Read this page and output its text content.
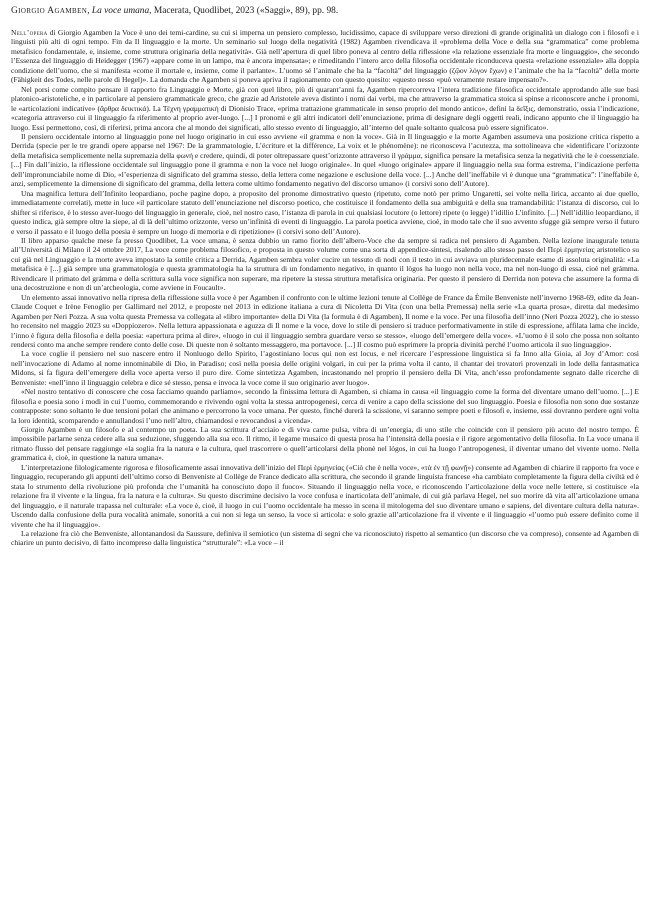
Giorgio Agamben, La voce umana, Macerata, Quodlibet, 2023 («Saggi», 89), pp. 98.

Nell’opera di Giorgio Agamben la Voce è uno dei temi-cardine, su cui si imperna un pensiero complesso, lucidissimo, capace di sviluppare verso direzioni di grande originalità un dialogo con i filosofi e i linguisti più alti di ogni tempo. Fin da Il linguaggio e la morte. Un seminario sul luogo della negatività (1982) Agamben rivendicava il «problema della Voce e della sua “grammatica” come problema metafisico fondamentale, e, insieme, come struttura originaria della negatività». Già nell’apertura di quel libro poneva al centro della riflessione «la relazione essenziale fra morte e linguaggio», che secondo l’Essenza del linguaggio di Heidegger (1967) «appare come in un lampo, ma è ancora impensata»; e rimeditando l’intero arco della filosofia occidentale riconduceva questa «relazione essenziale» alla doppia condizione dell’uomo, che si manifesta «come il mortale e, insieme, come il parlante». L’uomo sé l’animale che ha la “facoltà” del linguaggio (ζῷον λόγον ἔχων) e l’animale che ha la “facoltà” della morte (Fähigkeit des Todes, nelle parole di Hegel)». La domanda che Agamben si poneva apriva il ragionamento con questo quesito: «questo nesso «può veramente restare impensato?».

Nel porsi come compito pensare il rapporto fra Linguaggio e Morte, già con quel libro, più di quarant’anni fa, Agamben ripercorreva l’intera tradizione filosofica occidentale approdando alle sue basi platonico-aristoteliche, e in particolare al pensiero grammaticale greco, che grazie ad Aristotele aveva distinto i nomi dai verbi, ma che attraverso la grammatica stoica si spinse a riconoscere anche i pronomi, le «articolazioni indicative» (ἄρθρα δεικτικά). La Τέχνη γραμματική di Dionisio Trace, «prima trattazione grammaticale in senso proprio del mondo antico», definì la δεῖξις, demonstratio, ossia l’indicazione, «categoria attraverso cui il linguaggio fa riferimento al proprio aver-luogo. [...] I pronomi e gli altri indicatori dell’enunciazione, prima di designare degli oggetti reali, indicano appunto che il linguaggio ha luogo. Essi permettono, così, di riferirsi, prima ancora che al mondo dei significati, allo stesso evento di linguaggio, all’interno del quale soltanto qualcosa può essere significato».

Il pensiero occidentale intorno al linguaggio pone nel luogo originario in cui esso avviene «il gramma e non la voce». Già in Il linguaggio e la morte Agamben assumeva una posizione critica rispetto a Derrida (specie per le tre grandi opere apparse nel 1967: De la grammatologie, L’écriture et la différence, La voix et le phénomène): ne riconosceva l’acutezza, ma sottolineava che «identificare l’orizzonte della metafisica semplicemente nella supremazia della φωνή e credere, quindi, di poter oltrepassare quest’orizzonte attraverso il γράμμα, significa pensare la metafisica senza la negatività che le è coessenziale. [...] Fin dall’inizio, la riflessione occidentale sul linguaggio pone il gramma e non la voce nel luogo originale». In quel «luogo originale» appare il linguaggio nella sua forma estrema, l’indicazione perfetta dell’impronunciabile nome di Dio, «l’esperienza di significato del gramma stesso, della lettera come negazione e esclusione della voce. [...] Anche dell’ineffabile vi è dunque una “grammatica”: l’ineffabile è, anzi, semplicemente la dimensione di significato del gramma, della lettera come ultimo fondamento negativo del discorso umano» (i corsivi sono dell’Autore).

Una magnifica lettura dell’Infinito leopardiano, poche pagine dopo, a proposito del pronome dimostrativo questo (ripetuto, come notò per primo Ungaretti, sei volte nella lirica, accanto ai due quello, immediatamente correlati), mette in luce «il particolare statuto dell’enunciazione nel discorso poetico, che costituisce il fondamento della sua ambiguità e della sua tramandabilità: l’istanza di discorso, cui lo shifter si riferisce, è lo stesso aver-luogo del linguaggio in generale, cioè, nel nostro caso, l’istanza di parola in cui qualsiasi locutore (o lettore) ripete (o legge) l’idillio L’infinito. [...] Nell’idillio leopardiano, il questo indica, già sempre oltre la siepe, al di là dell’ultimo orizzonte, verso un’infinità di eventi di linguaggio. La parola poetica avviene, cioè, in modo tale che il suo avvento sfugge già sempre verso il futuro e verso il passato e il luogo della poesia è sempre un luogo di memoria e di ripetizione» (i corsivi sono dell’Autore).

Il libro apparso qualche mese fa presso Quodlibet, La voce umana, è senza dubbio un ramo fiorito dell’albero-Voce che da sempre si radica nel pensiero di Agamben. Nella lezione inaugurale tenuta all’Università di Milano il 24 ottobre 2017, La voce come problema filosofico, e proposta in questo volume come una sorta di appendice-sintesi, risalendo allo stesso passo del Περὶ ἑρμηνείας aristotelico su cui già nel Linguaggio e la morte aveva impostato la sottile critica a Derrida, Agamben sembra voler cucire un tessuto di nodi con il testo in cui avviava un pluridecennale esame di assoluta originalità: «La metafisica è [...] già sempre una grammatologia e questa grammatologia ha la struttura di un fondamento negativo, in quanto il lògos ha luogo non nella voce, ma nel non-luogo di essa, cioè nel grámma. Rivendicare il primato del grámma e della scrittura sulla voce significa non superare, ma ripetere la stessa struttura metafisica originaria. Per questo il pensiero di Derrida non poteva che assumere la forma di una decostruzione e non di un’archeologia, come avviene in Foucault».

Un elemento assai innovativo nella ripresa della riflessione sulla voce è per Agamben il confronto con le ultime lezioni tenute al Collège de France da Émile Benveniste nell’inverno 1968-69, edite da Jean-Claude Coquet e Irène Fenoglio per Gallimard nel 2012, e proposte nel 2013 in edizione italiana a cura di Nicoletta Di Vita (con una bella Premessa) nella serie «La quarta prosa», diretta dal medesimo Agamben per Neri Pozza. A sua volta questa Premessa va collegata al «libro importante» della Di Vita (la formula è di Agamben), Il nome e la voce. Per una filosofia dell’inno (Neri Pozza 2022), che io stesso ho recensito nel maggio 2023 su «Doppiozero». Nella lettura appassionata e aguzza di Il nome e la voce, dove lo stile di pensiero si traduce performativamente in stile di espressione, affilata lama che incide, l’inno è figura della filosofia e della poesia: «apertura prima al dire», «luogo in cui il linguaggio sembra guardare verso se stesso», «luogo dell’emergere della voce». «L’uomo è il solo che possa non soltanto rendersi conto ma anche sempre rendere conto delle cose. Di queste non è soltanto messaggero, ma portavoce. [...] Il cosmo può esprimere la propria divinità perché l’uomo articola il suo linguaggio».

La voce coglie il pensiero nel suo nascere entro il Nonluogo dello Spirito, l’agostiniano locus qui non est locus, e nel ricercare l’espressione linguistica si fa Inno alla Gioia, al Joy d’Amor: così nell’invocazione di Adamo al nome innominabile di Dio, in Paradiso; così nella poesia delle origini volgari, in cui per la prima volta il canto, il chantar dei trovatori provenzali in lode della fantasmatica Midons, si fa figura dell’emergere della voce aperta verso il puro dire. Come sintetizza Agamben, incastonando nel proprio il pensiero della Di Vita, anch’esso profondamente segnato dalle ricerche di Benveniste: «nell’inno il linguaggio celebra e dice sé stesso, pensa e invoca la voce come il suo originario aver luogo».

«Nel nostro tentativo di conoscere che cosa facciamo quando parliamo», secondo la finissima lettura di Agamben, si chiama in causa «il linguaggio come la forma del diventare umano dell’uomo. [...] E filosofia e poesia sono i modi in cui l’uomo, commemorando e rivivendo ogni volta la stessa antropogenesi, cerca di venire a capo della scissione del suo linguaggio. Poesia e filosofia non sono due sostanze contrapposte: sono soltanto le due tensioni polari che animano e percorrono la voce umana. Per questo, finché durerà la scissione, vi saranno sempre poeti e filosofi e, insieme, essi dovranno perdere ogni volta la loro identità, scomparendo e annullandosi l’uno nell’altro, chiamandosi e revocandosi a vicenda».

Giorgio Agamben è un filosofo e al contempo un poeta. La sua scrittura d’acciaio e di viva carne pulsa, vibra di un’energia, di uno stile che coincide con il pensiero più acuto del nostro tempo. È impossibile parlarne senza cedere alla sua seduzione, sfuggendo alla sua eco. Il ritmo, il legame musaico di questa prosa ha l’intensità della poesia e il rigore argomentativo della filosofia. In La voce umana il ritmato flusso del pensare raggiunge «la soglia fra la natura e la cultura, quel trascorrere o quell’articolarsi della phonè nel lógos, in cui ha luogo l’antropogenesi, il diventar umano del vivente uomo. Nella grammatica è, cioè, in questione la natura umana».

L’interpretazione filologicamente rigorosa e filosoficamente assai innovativa dell’inizio del Περὶ ἑρμηνείας («Ciò che è nella voce», «τὰ ἐν τῇ φωνῇ») consente ad Agamben di chiarire il rapporto fra voce e linguaggio, recuperando gli appunti dell’ultimo corso di Benveniste al Collège de France dedicato alla scrittura, che secondo il grande linguista francese «ha cambiato completamente la figura della civiltà ed è stata lo strumento della rivoluzione più profonda che l’umanità ha conosciuto dopo il fuoco». Situando il linguaggio nella voce, e riconoscendo l’articolazione della voce nelle lettere, si costituisce «la relazione fra il vivente e la lingua, fra la natura e la cultura». Su questo discrimine decisivo la voce confusa e inarticolata dell’animale, di cui già parlava Hegel, nel suo morire dà vita all’articolazione umana del linguaggio, e il naturale trapassa nel culturale: «La voce è, cioè, il luogo in cui l’uomo occidentale ha messo in scena il mitologema del suo diventare umano e sapiens, del diventare cultura della natura». Uscendo dalla confusione della pura vocalità animale, sonorità a cui non si lega un senso, la voce si articola: e solo grazie all’articolazione fra il vivente e il linguaggio «l’uomo può essere definito come il vivente che ha il linguaggio».

La relazione fra ciò che Benveniste, allontanandosi da Saussure, definiva il semiotico (un sistema di segni che va riconosciuto) rispetto al semantico (un discorso che va compreso), consente ad Agamben di chiarire un punto decisivo, di fatto incompreso dalla linguistica “strutturale”: «La voce – il
